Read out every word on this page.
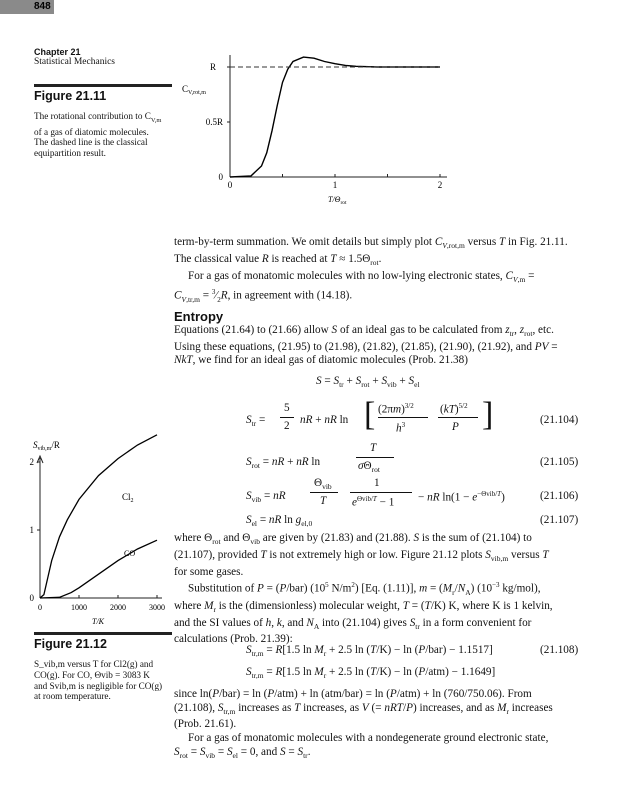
848
Chapter 21
Statistical Mechanics
Figure 21.11
The rotational contribution to $C_{V,m}$
of a gas of diatomic molecules.
The dashed line is the classical
equipartition result.
$C_{V,rot,m}$
R
0.5R
0
0	1	2
$T/\Theta_{rot}$

term-by-term summation. We omit details but simply plot $C_{V,rot,m}$ versus T in Fig. 21.11.

The classical value R is reached at $T \approx 1.5\Theta_{rot}$.

For a gas of monatomic molecules with no low-lying electronic states, $C_{V,m}$ =

$C_{V,tr,m}$ = $^3⁄_2R$, in agreement with (14.18).

Entropy

Equations (21.64) to (21.66) allow S of an ideal gas to be calculated from $z_{tr}$, $z_{rot}$, etc.

Using these equations, (21.95) to (21.98), (21.82), (21.85), (21.90), (21.92), and PV =

NkT, we find for an ideal gas of diatomic molecules (Prob. 21.38)

$S = S_{tr} + S_{rot} + S_{vib} + S_{el}$
$S_{tr}$ =
5
2 nR + nR ln [ $(2\pi m)^{3/2}$
$h^3$
(kT)$^{5/2}$
P ]	(21.104)
$S_{rot}$ = nR + nR ln
T
$\sigma\Theta_{rot}$
(21.105)
$S_{vib}$ = nR
$\Theta_{vib}$
T
1
$e^{\Theta vib/T} - 1$ − nR $\ln(1 - e^{-\Theta vib/T})$	(21.106)
$S_{el}$ = nR $\ln g_{el,0}$	(21.107)

where $\Theta_{rot}$ and $\Theta_{vib}$ are given by (21.83) and (21.88). S is the sum of (21.104) to

(21.107), provided T is not extremely high or low. Figure 21.12 plots $S_{vib,m}$ versus T

for some gases.

Substitution of P = (P/bar) ($10^5$ $N/m^2$) [Eq. (1.11)], $m = (M_r/N_A)$ ($10^{-3}$ kg/mol),

where $M_r$ is the (dimensionless) molecular weight, T = (T/K) K, where K is 1 kelvin,

and the SI values of h, k, and $N_A$ into (21.104) gives $S_{tr}$ in a form convenient for

calculations (Prob. 21.39):

$S_{tr,m} = R[1.5$ $\ln M_r + 2.5$ ln (T/K) − ln (P/bar) − 1.1517]	(21.108)
$S_{tr,m} = R[1.5$ $\ln M_r + 2.5$ ln (T/K) − ln (P/atm) − 1.1649]

since ln(P/bar) = ln (P/atm) + ln (atm/bar) = ln (P/atm) + ln (760/750.06). From

(21.108), $S_{tr,m}$ increases as T increases, as V (= nRT/P) increases, and as $M_r$ increases

(Prob. 21.61).

For a gas of monatomic molecules with a nondegenerate ground electronic state,

$S_{rot} = S_{vib} = S_{el} = 0$, and $S = S_{tr}$.

$S_{vib,m}/R$
0
1
2
0	1000	2000	3000
T/K
$Cl_2$
CO
Figure 21.12
S_vib,m versus T for Cl2(g) and
CO(g). For CO, Θvib = 3083 K
and Svib,m is negligible for CO(g)
at room temperature.
